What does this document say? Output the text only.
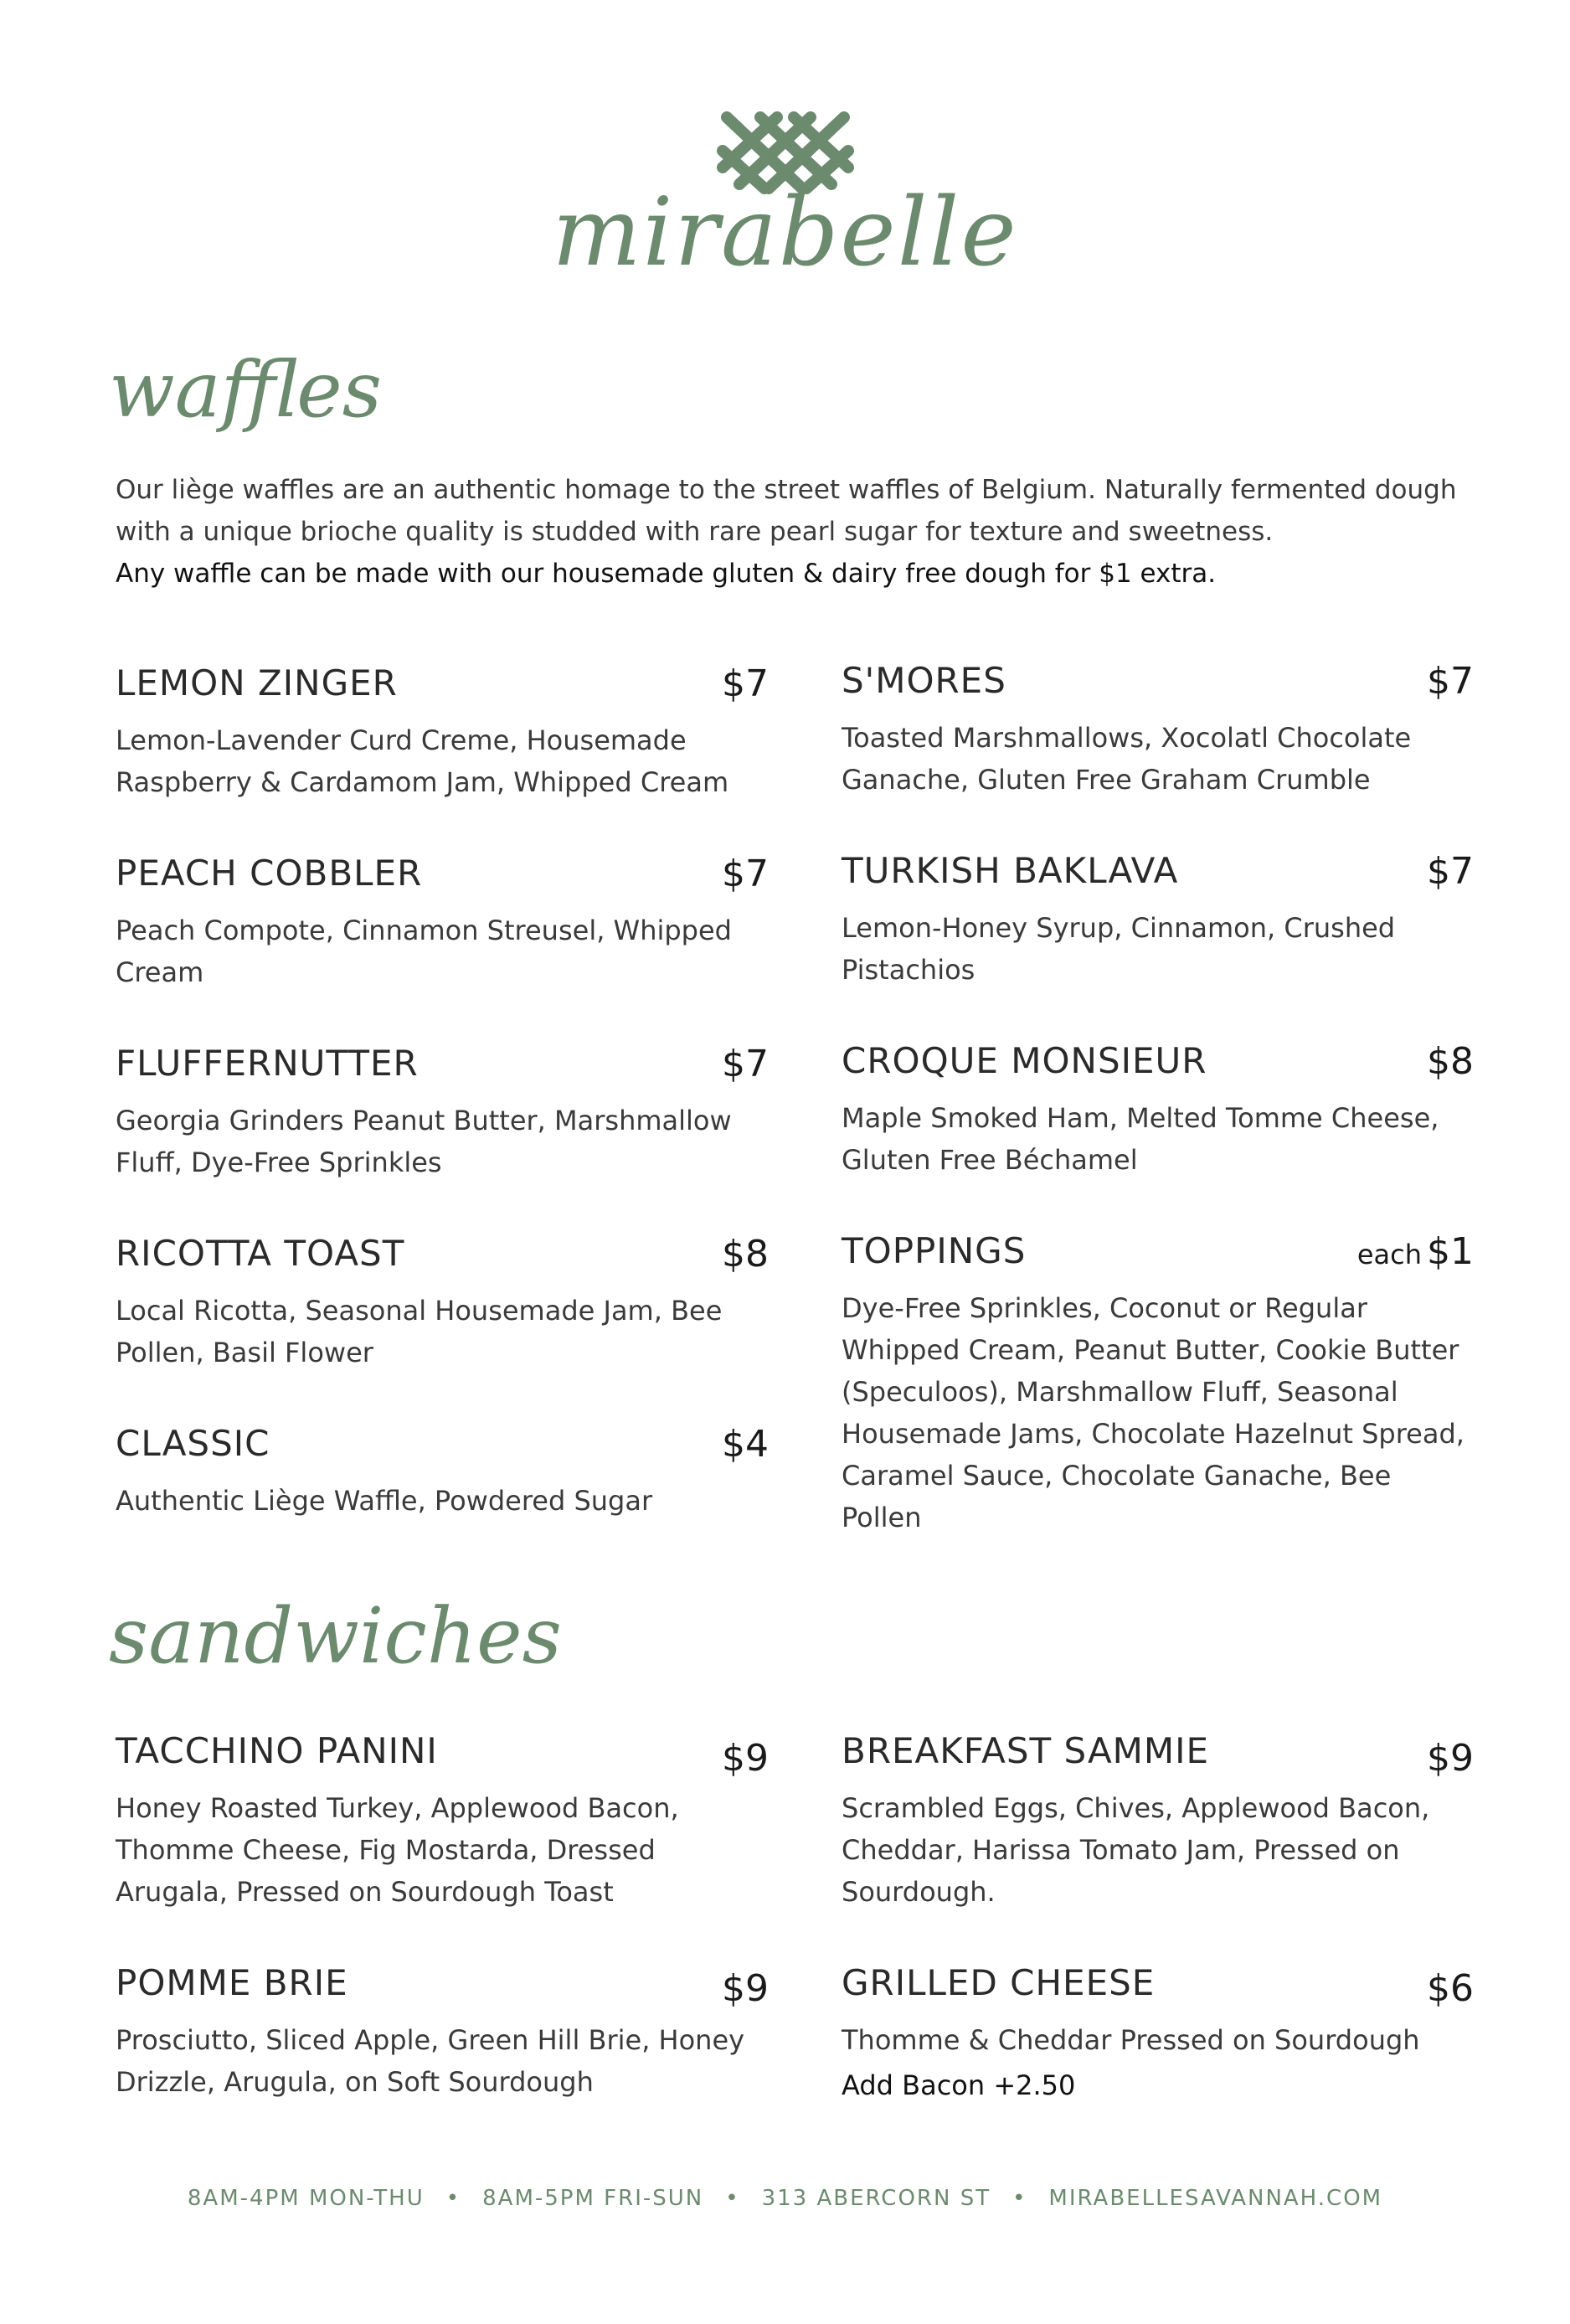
mirabelle
waffles
Our liège waffles are an authentic homage to the street waffles of Belgium. Naturally fermented dough with a unique brioche quality is studded with rare pearl sugar for texture and sweetness.
Any waffle can be made with our housemade gluten & dairy free dough for $1 extra.
LEMON ZINGER	$7
Lemon-Lavender Curd Creme, Housemade Raspberry & Cardamom Jam, Whipped Cream
PEACH COBBLER	$7
Peach Compote, Cinnamon Streusel, Whipped Cream
FLUFFERNUTTER	$7
Georgia Grinders Peanut Butter, Marshmallow Fluff, Dye-Free Sprinkles
RICOTTA TOAST	$8
Local Ricotta, Seasonal Housemade Jam, Bee Pollen, Basil Flower
CLASSIC	$4
Authentic Liège Waffle, Powdered Sugar
S'MORES	$7
Toasted Marshmallows, Xocolatl Chocolate Ganache, Gluten Free Graham Crumble
TURKISH BAKLAVA	$7
Lemon-Honey Syrup, Cinnamon, Crushed Pistachios
CROQUE MONSIEUR	$8
Maple Smoked Ham, Melted Tomme Cheese, Gluten Free Béchamel
TOPPINGS	each $1
Dye-Free Sprinkles, Coconut or Regular Whipped Cream, Peanut Butter, Cookie Butter (Speculoos), Marshmallow Fluff, Seasonal Housemade Jams, Chocolate Hazelnut Spread, Caramel Sauce, Chocolate Ganache, Bee Pollen
sandwiches
TACCHINO PANINI	$9
Honey Roasted Turkey, Applewood Bacon, Thomme Cheese, Fig Mostarda, Dressed Arugala, Pressed on Sourdough Toast
POMME BRIE	$9
Prosciutto, Sliced Apple, Green Hill Brie, Honey Drizzle, Arugula, on Soft Sourdough
BREAKFAST SAMMIE	$9
Scrambled Eggs, Chives, Applewood Bacon, Cheddar, Harissa Tomato Jam, Pressed on Sourdough.
GRILLED CHEESE	$6
Thomme & Cheddar Pressed on Sourdough
Add Bacon +2.50
8AM-4PM MON-THU • 8AM-5PM FRI-SUN • 313 ABERCORN ST • MIRABELLESAVANNAH.COM
